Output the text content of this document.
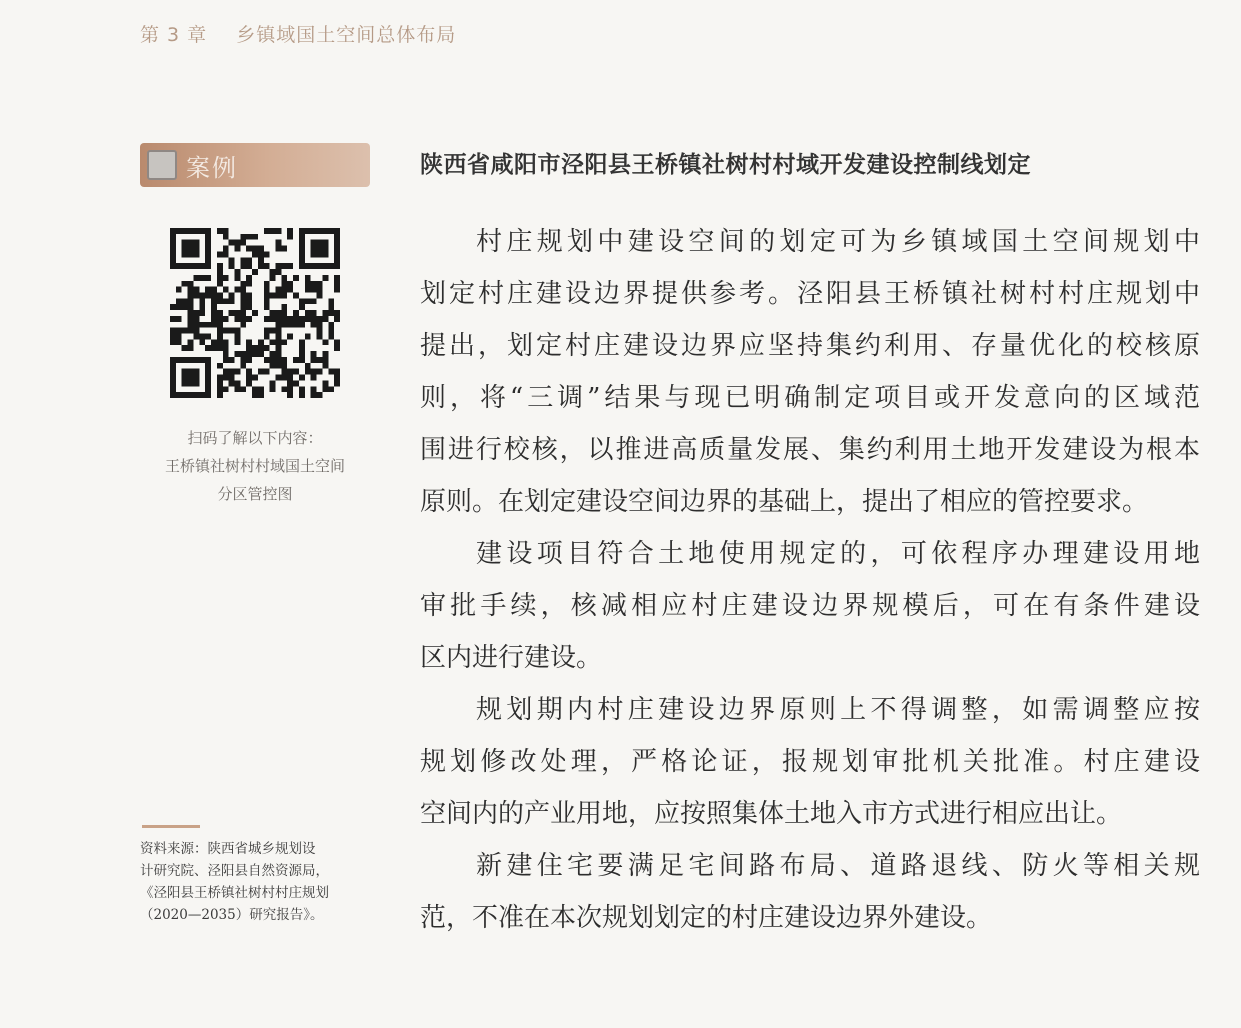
第 3 章 乡镇域国土空间总体布局
案例
扫码了解以下内容：
王桥镇社树村村域国土空间
分区管控图
资料来源：陕西省城乡规划设
计研究院、泾阳县自然资源局，
《泾阳县王桥镇社树村村庄规划
（2020—2035）研究报告》。
陕西省咸阳市泾阳县王桥镇社树村村域开发建设控制线划定
村庄规划中建设空间的划定可为乡镇域国土空间规划中
划定村庄建设边界提供参考。泾阳县王桥镇社树村村庄规划中
提出，划定村庄建设边界应坚持集约利用、存量优化的校核原
则，将“三调”结果与现已明确制定项目或开发意向的区域范
围进行校核，以推进高质量发展、集约利用土地开发建设为根本
原则。在划定建设空间边界的基础上，提出了相应的管控要求。
建设项目符合土地使用规定的，可依程序办理建设用地
审批手续，核减相应村庄建设边界规模后，可在有条件建设
区内进行建设。
规划期内村庄建设边界原则上不得调整，如需调整应按
规划修改处理，严格论证，报规划审批机关批准。村庄建设
空间内的产业用地，应按照集体土地入市方式进行相应出让。
新建住宅要满足宅间路布局、道路退线、防火等相关规
范，不准在本次规划划定的村庄建设边界外建设。
